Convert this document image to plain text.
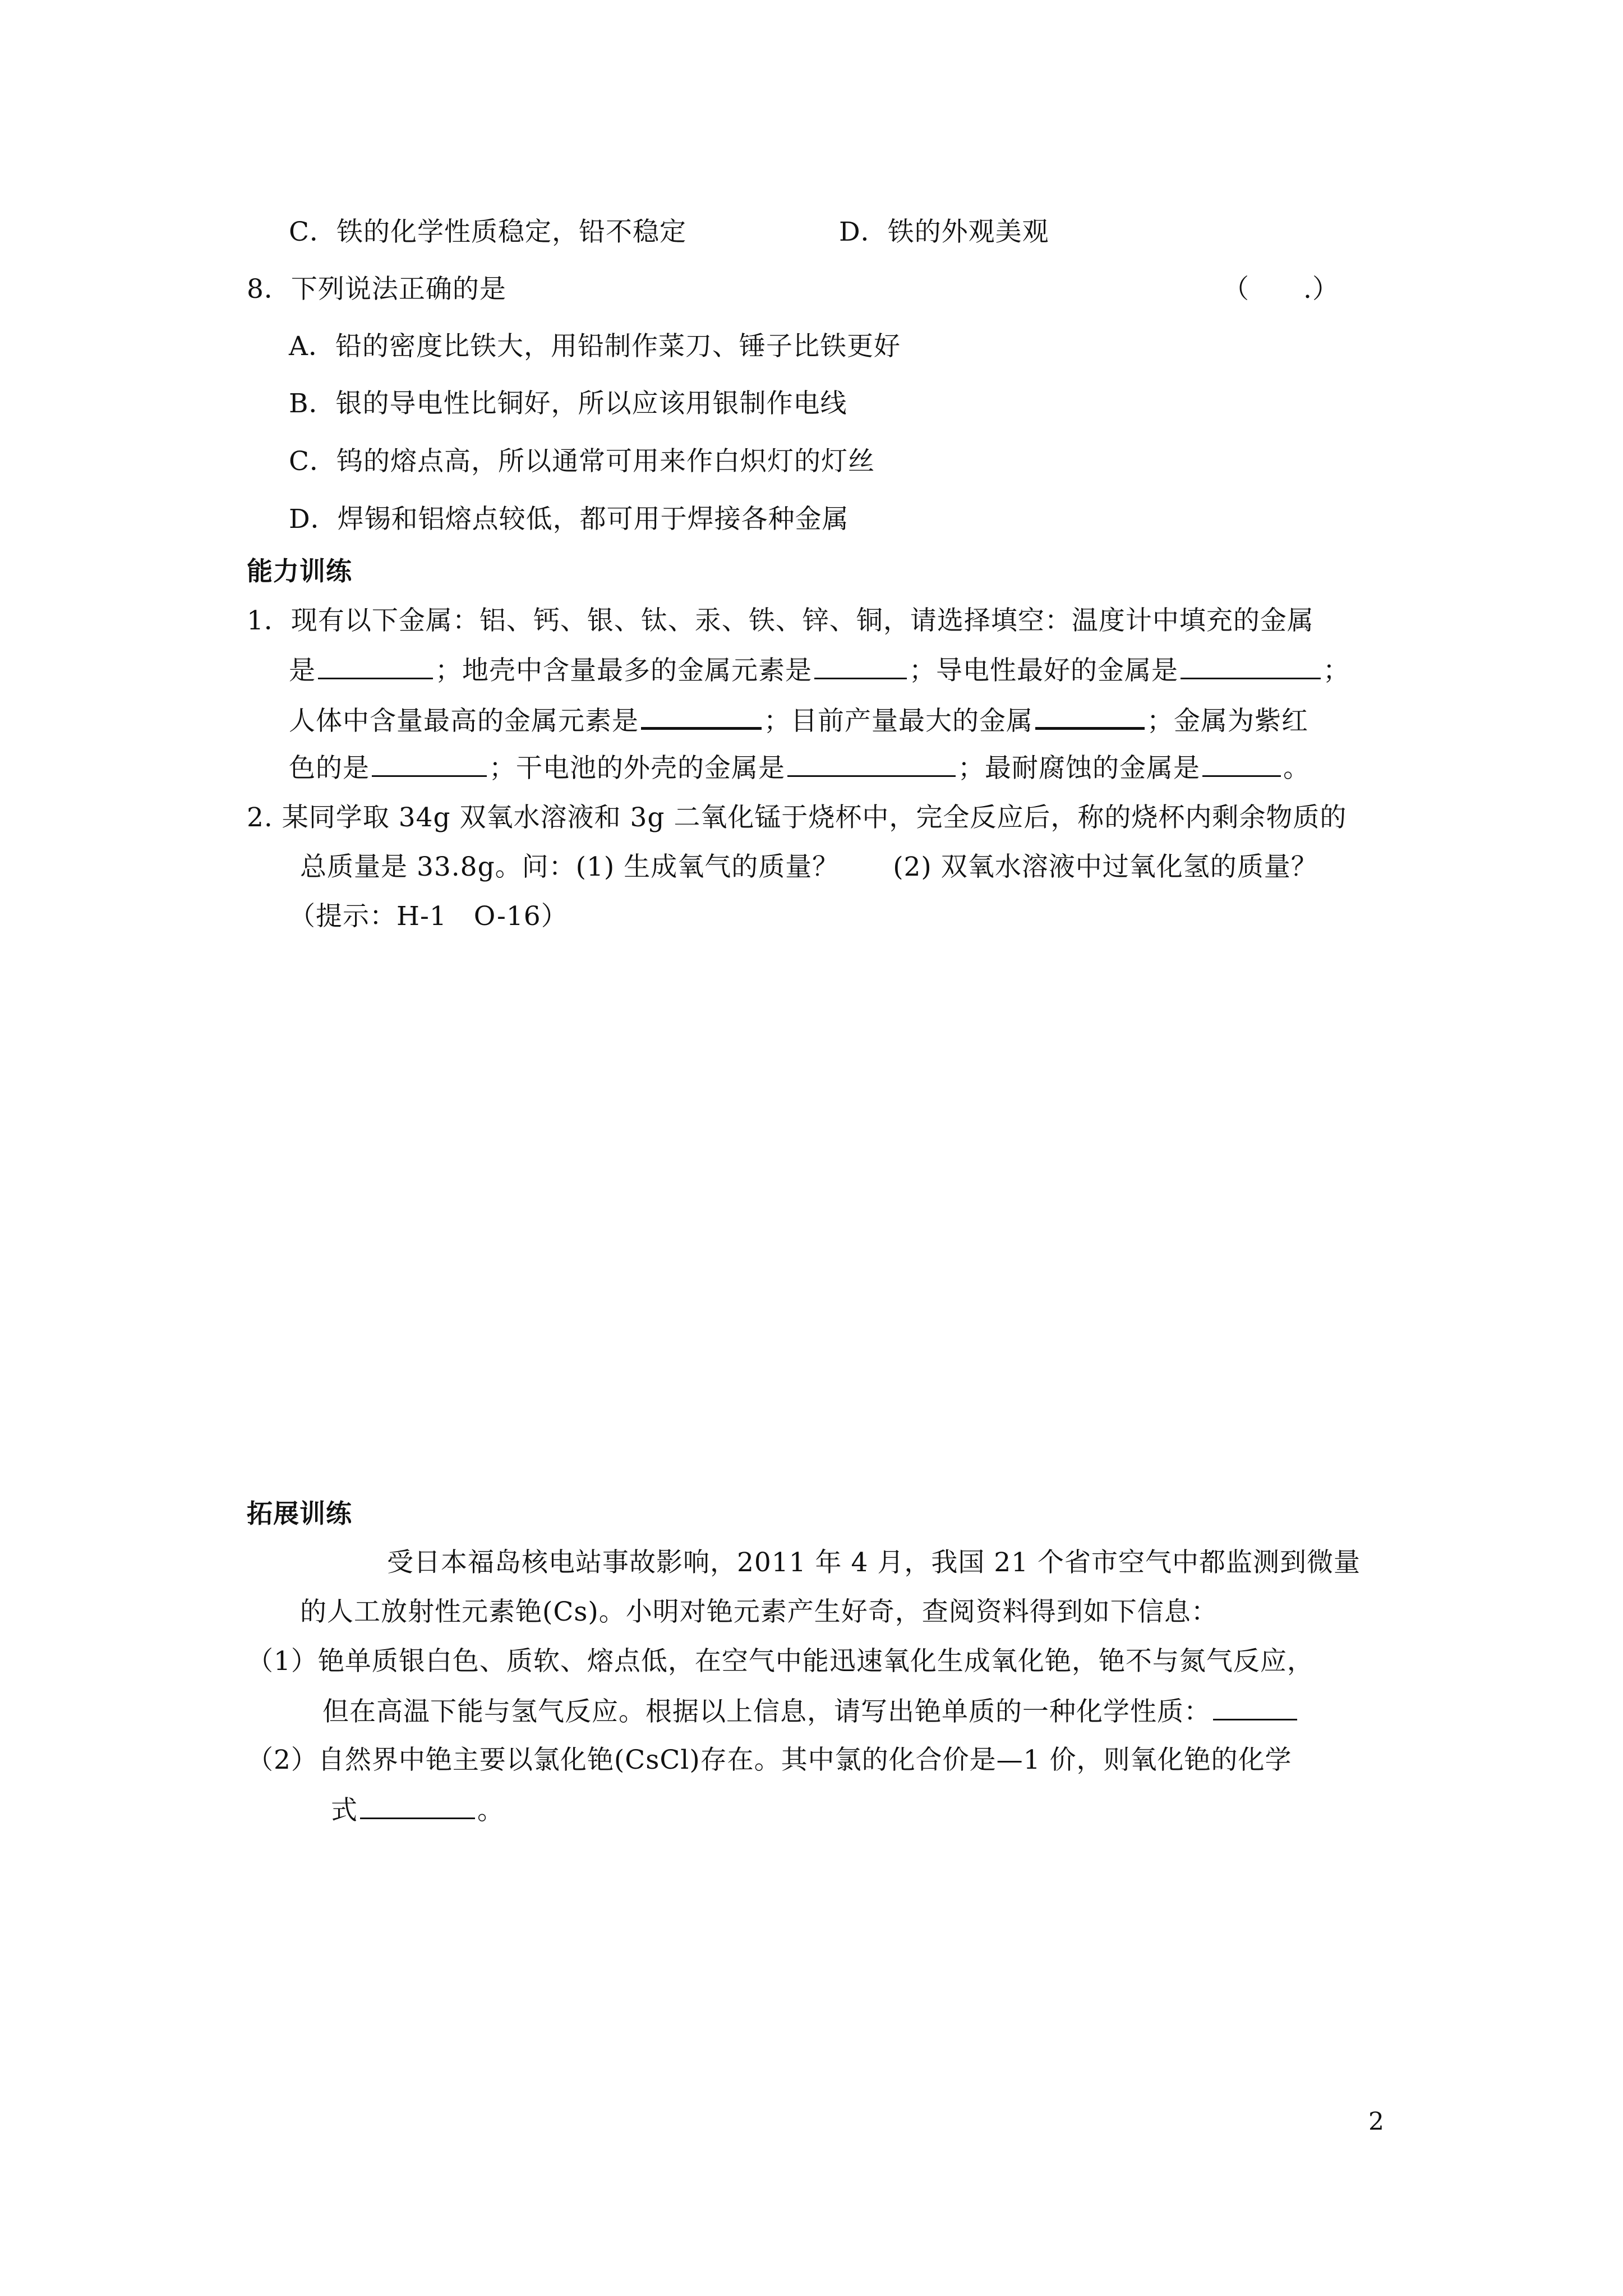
C．铁的化学性质稳定，铅不稳定	D．铁的外观美观
8．下列说法正确的是	（　　.）
A．铅的密度比铁大，用铅制作菜刀、锤子比铁更好
B．银的导电性比铜好，所以应该用银制作电线
C．钨的熔点高，所以通常可用来作白炽灯的灯丝
D．焊锡和铝熔点较低，都可用于焊接各种金属
能力训练
1．现有以下金属：铝、钙、银、钛、汞、铁、锌、铜，请选择填空：温度计中填充的金属
是	；地壳中含量最多的金属元素是	；导电性最好的金属是	；
人体中含量最高的金属元素是	；目前产量最大的金属	；金属为紫红
色的是	；干电池的外壳的金属是	；最耐腐蚀的金属是	。
2. 某同学取 34g 双氧水溶液和 3g 二氧化锰于烧杯中，完全反应后，称的烧杯内剩余物质的
总质量是 33.8g。问：(1) 生成氧气的质量？　　(2) 双氧水溶液中过氧化氢的质量？
（提示：H-1　O-16）
拓展训练
受日本福岛核电站事故影响，2011 年 4 月，我国 21 个省市空气中都监测到微量
的人工放射性元素铯(Cs)。小明对铯元素产生好奇，查阅资料得到如下信息：
（1）铯单质银白色、质软、熔点低，在空气中能迅速氧化生成氧化铯，铯不与氮气反应，
但在高温下能与氢气反应。根据以上信息，请写出铯单质的一种化学性质：
（2）自然界中铯主要以氯化铯(CsCl)存在。其中氯的化合价是—1 价，则氧化铯的化学
式	。
2
